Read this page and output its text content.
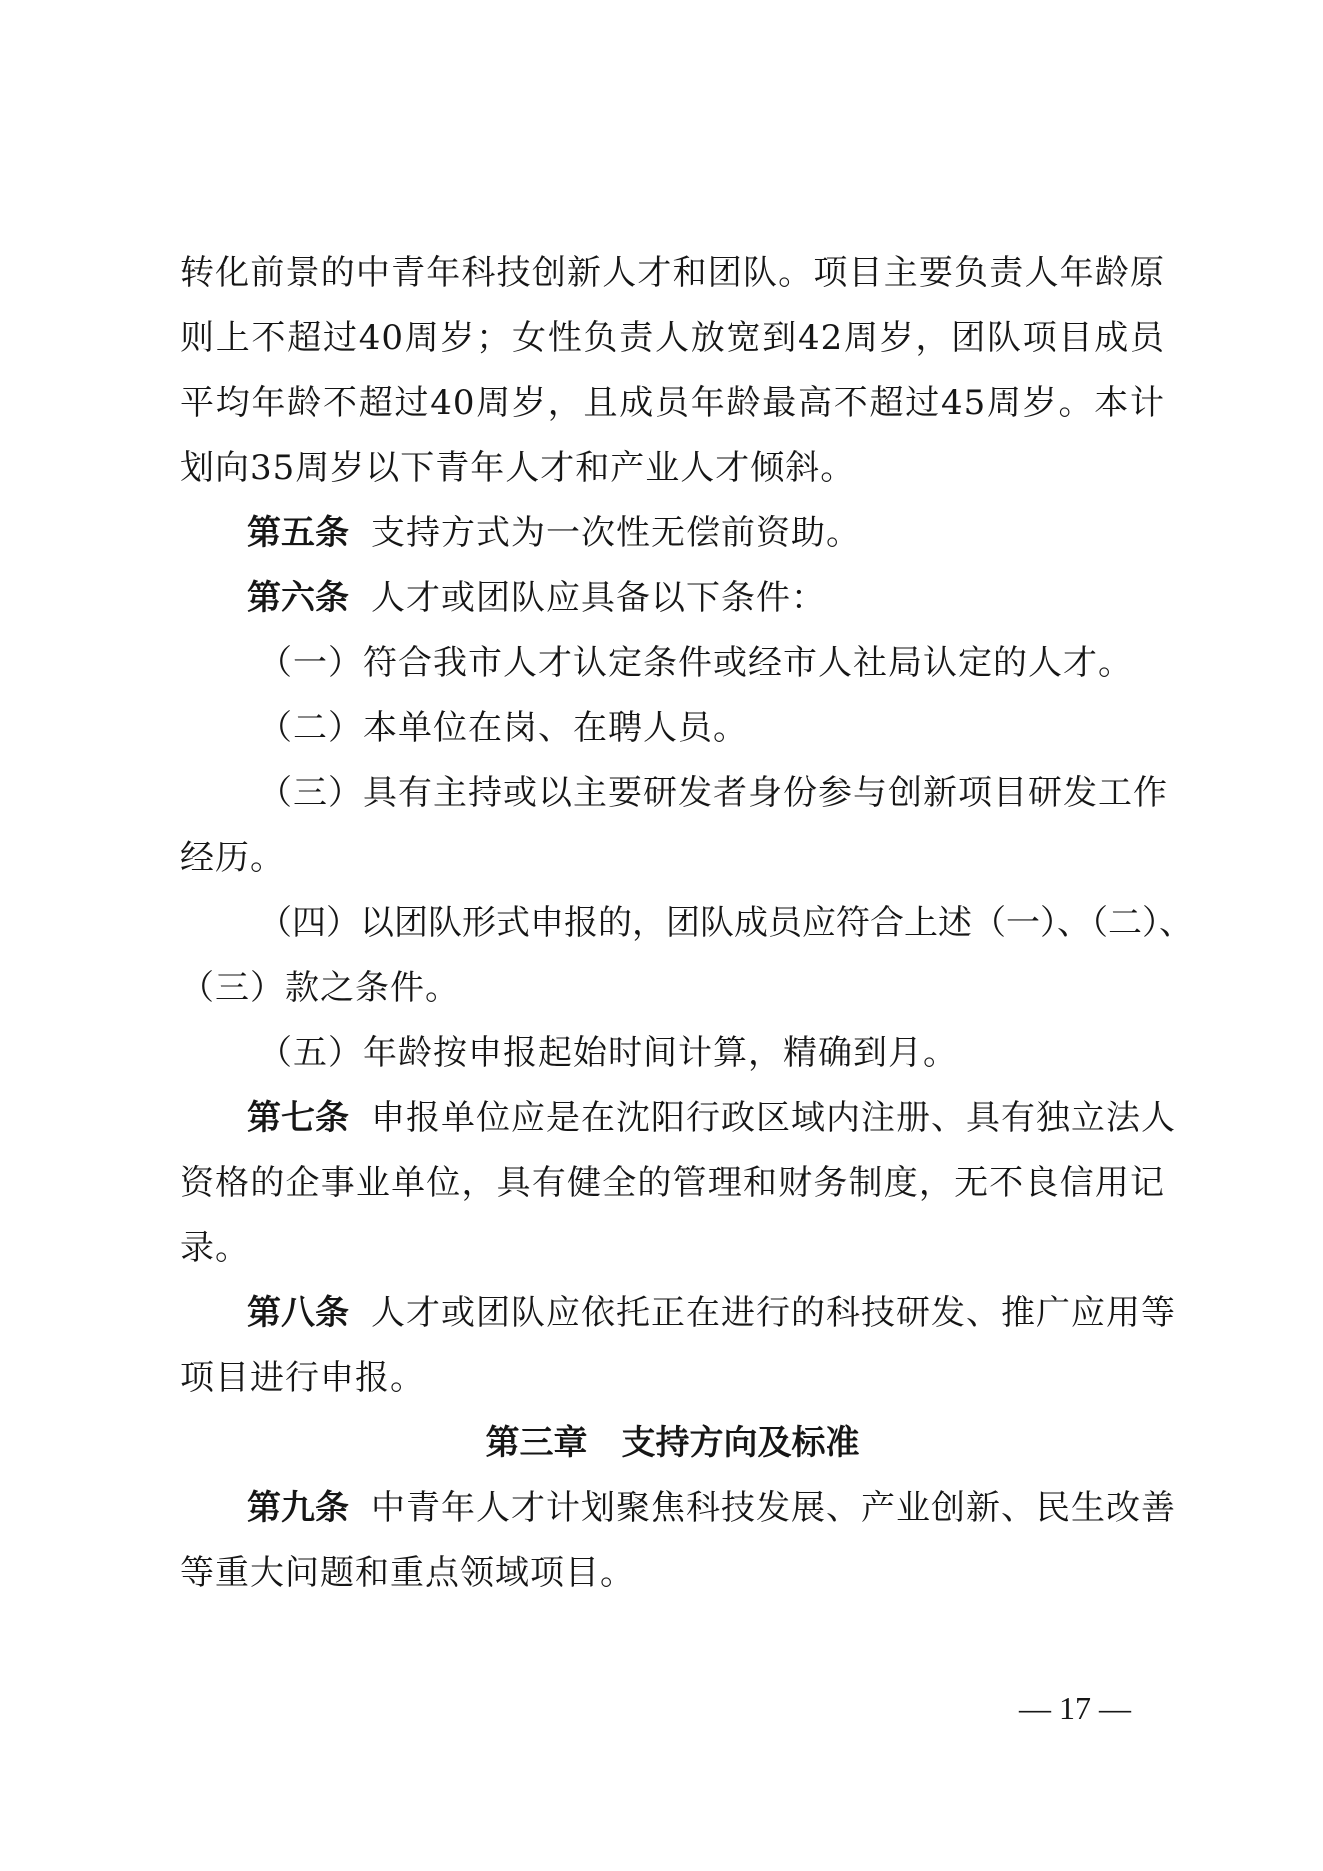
转化前景的中青年科技创新人才和团队。项目主要负责人年龄原
则上不超过40周岁；女性负责人放宽到42周岁，团队项目成员
平均年龄不超过40周岁，且成员年龄最高不超过45周岁。本计
划向35周岁以下青年人才和产业人才倾斜。
第五条 支持方式为一次性无偿前资助。
第六条 人才或团队应具备以下条件：
（一）符合我市人才认定条件或经市人社局认定的人才。
（二）本单位在岗、在聘人员。
（三）具有主持或以主要研发者身份参与创新项目研发工作
经历。
（四）以团队形式申报的，团队成员应符合上述（一）、（二）、
（三）款之条件。
（五）年龄按申报起始时间计算，精确到月。
第七条 申报单位应是在沈阳行政区域内注册、具有独立法人
资格的企事业单位，具有健全的管理和财务制度，无不良信用记
录。
第八条 人才或团队应依托正在进行的科技研发、推广应用等
项目进行申报。
第三章　支持方向及标准
第九条 中青年人才计划聚焦科技发展、产业创新、民生改善
等重大问题和重点领域项目。
— 17 —
